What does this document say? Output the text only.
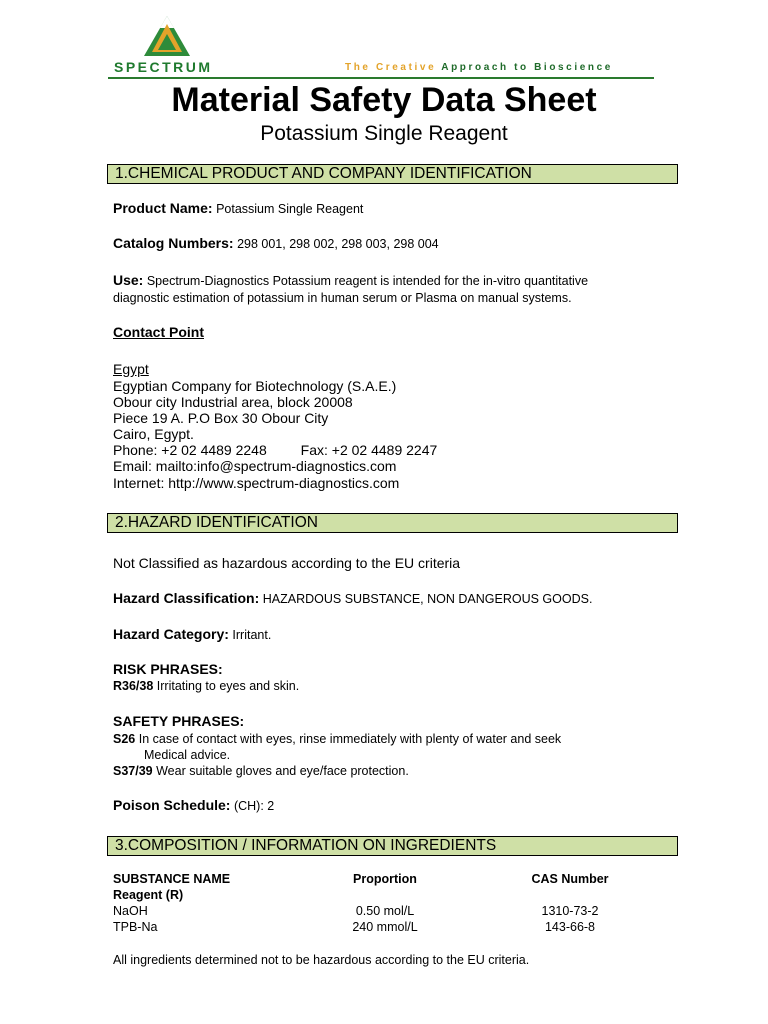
SPECTRUM	The Creative Approach to Bioscience
Material Safety Data Sheet
Potassium Single Reagent
1.CHEMICAL PRODUCT AND COMPANY IDENTIFICATION
Product Name: Potassium Single Reagent
Catalog Numbers: 298 001, 298 002, 298 003, 298 004
Use: Spectrum-Diagnostics Potassium reagent is intended for the in-vitro quantitative
diagnostic estimation of potassium in human serum or Plasma on manual systems.
Contact Point
Egypt
Egyptian Company for Biotechnology (S.A.E.)
Obour city Industrial area, block 20008
Piece 19 A. P.O Box 30 Obour City
Cairo, Egypt.
Phone: +2 02 4489 2248 Fax: +2 02 4489 2247
Email: mailto:info@spectrum-diagnostics.com
Internet: http://www.spectrum-diagnostics.com
2.HAZARD IDENTIFICATION
Not Classified as hazardous according to the EU criteria
Hazard Classification: HAZARDOUS SUBSTANCE, NON DANGEROUS GOODS.
Hazard Category: Irritant.
RISK PHRASES:
R36/38 Irritating to eyes and skin.
SAFETY PHRASES:
S26 In case of contact with eyes, rinse immediately with plenty of water and seek
Medical advice.
S37/39 Wear suitable gloves and eye/face protection.
Poison Schedule: (CH): 2
3.COMPOSITION / INFORMATION ON INGREDIENTS
SUBSTANCE NAME	Proportion	CAS Number
Reagent (R)
NaOH	0.50 mol/L	1310-73-2
TPB-Na	240 mmol/L	143-66-8
All ingredients determined not to be hazardous according to the EU criteria.
